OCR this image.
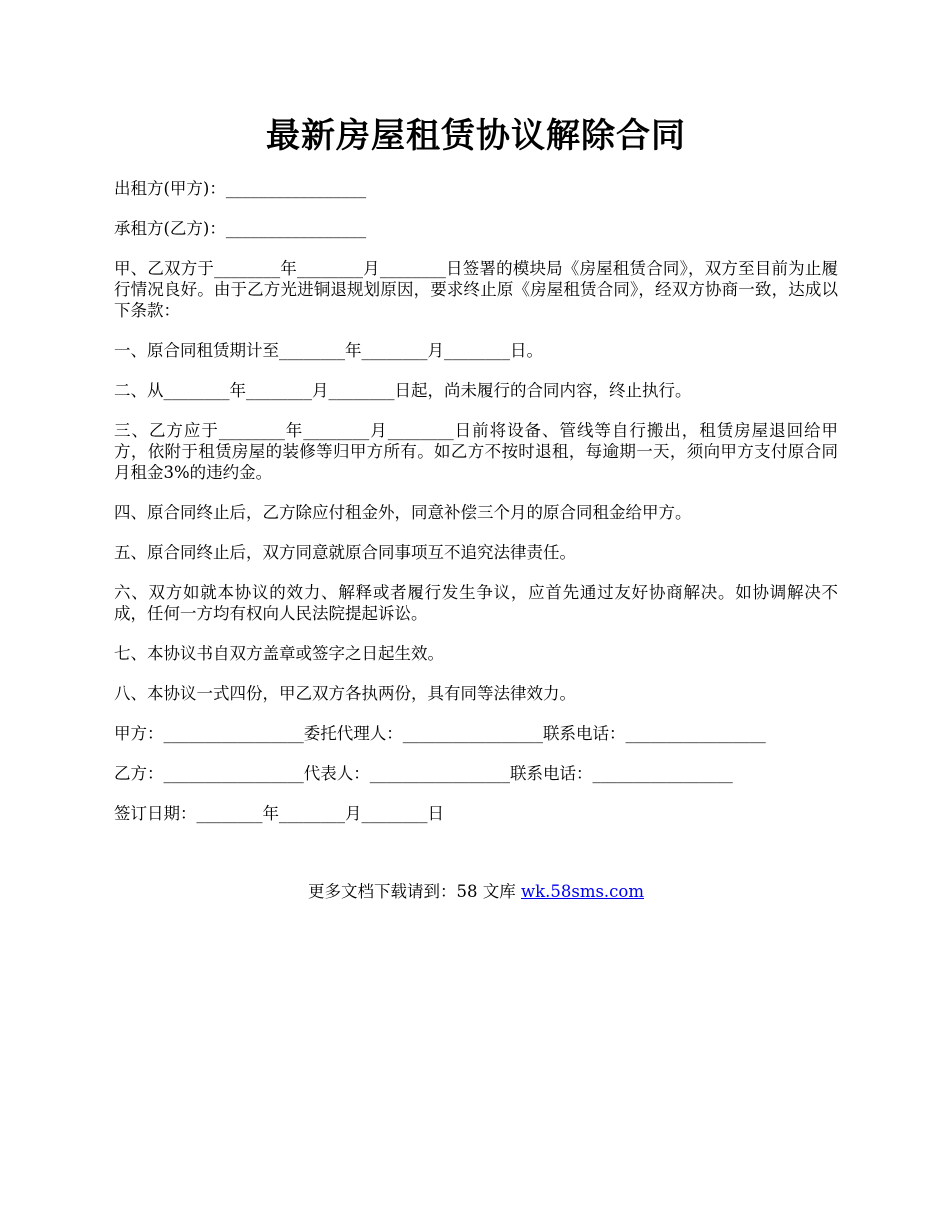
最新房屋租赁协议解除合同

出租方(甲方)：_________________

承租方(乙方)：_________________

甲、乙双方于________年________月________日签署的模块局《房屋租赁合同》，双方至目前为止履行情况良好。由于乙方光进铜退规划原因，要求终止原《房屋租赁合同》，经双方协商一致，达成以下条款：

一、原合同租赁期计至________年________月________日。

二、从________年________月________日起，尚未履行的合同内容，终止执行。

三、乙方应于________年________月________日前将设备、管线等自行搬出，租赁房屋退回给甲方，依附于租赁房屋的装修等归甲方所有。如乙方不按时退租，每逾期一天，须向甲方支付原合同月租金3%的违约金。

四、原合同终止后，乙方除应付租金外，同意补偿三个月的原合同租金给甲方。

五、原合同终止后，双方同意就原合同事项互不追究法律责任。

六、双方如就本协议的效力、解释或者履行发生争议，应首先通过友好协商解决。如协调解决不成，任何一方均有权向人民法院提起诉讼。

七、本协议书自双方盖章或签字之日起生效。

八、本协议一式四份，甲乙双方各执两份，具有同等法律效力。

甲方：_________________委托代理人：_________________联系电话：_________________

乙方：_________________代表人：_________________联系电话：_________________

签订日期：________年________月________日

更多文档下载请到：58 文库 wk.58sms.com
